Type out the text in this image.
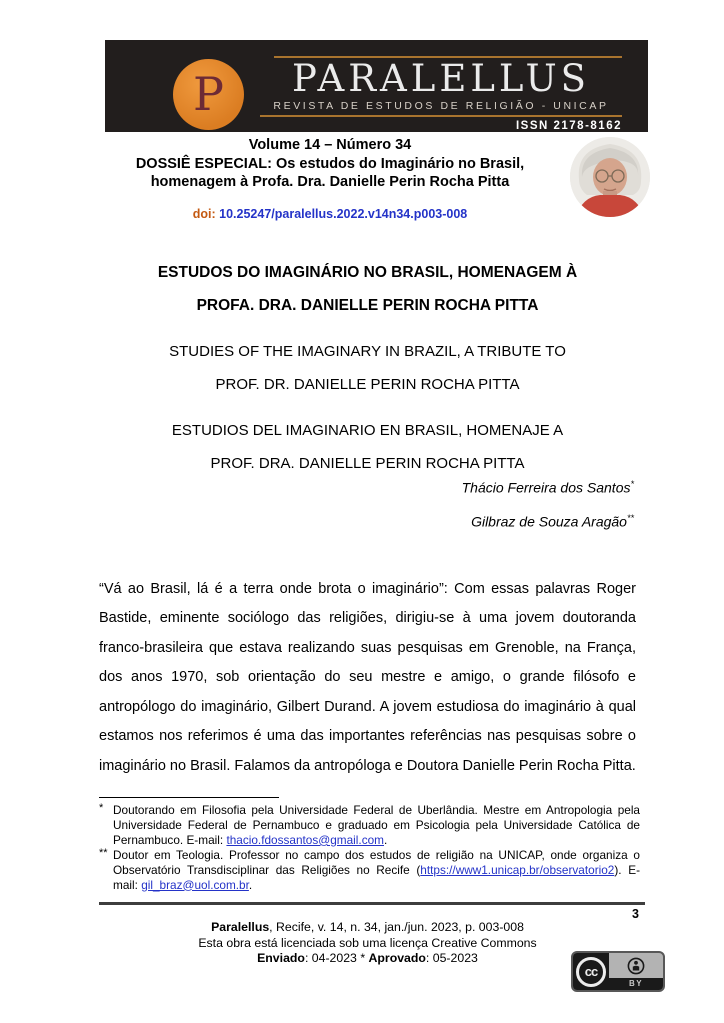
P	PARALELLUS
REVISTA DE ESTUDOS DE RELIGIÃO - UNICAP
ISSN 2178-8162
Volume 14 – Número 34
DOSSIÊ ESPECIAL: Os estudos do Imaginário no Brasil,
homenagem à Profa. Dra. Danielle Perin Rocha Pitta
doi: 10.25247/paralellus.2022.v14n34.p003-008
ESTUDOS DO IMAGINÁRIO NO BRASIL, HOMENAGEM À
PROFA. DRA. DANIELLE PERIN ROCHA PITTA
STUDIES OF THE IMAGINARY IN BRAZIL, A TRIBUTE TO
PROF. DR. DANIELLE PERIN ROCHA PITTA
ESTUDIOS DEL IMAGINARIO EN BRASIL, HOMENAJE A
PROF. DRA. DANIELLE PERIN ROCHA PITTA
Thácio Ferreira dos Santos*
Gilbraz de Souza Aragão**

“Vá ao Brasil, lá é a terra onde brota o imaginário”: Com essas palavras Roger Bastide, eminente sociólogo das religiões, dirigiu-se à uma jovem doutoranda franco-brasileira que estava realizando suas pesquisas em Grenoble, na França, dos anos 1970, sob orientação do seu mestre e amigo, o grande filósofo e antropólogo do imaginário, Gilbert Durand. A jovem estudiosa do imaginário à qual estamos nos referimos é uma das importantes referências nas pesquisas sobre o imaginário no Brasil. Falamos da antropóloga e Doutora Danielle Perin Rocha Pitta.

* Doutorando em Filosofia pela Universidade Federal de Uberlândia. Mestre em Antropologia pela Universidade Federal de Pernambuco e graduado em Psicologia pela Universidade Católica de Pernambuco. E-mail: thacio.fdossantos@gmail.com.
** Doutor em Teologia. Professor no campo dos estudos de religião na UNICAP, onde organiza o Observatório Transdisciplinar das Religiões no Recife (https://www1.unicap.br/observatorio2). E-mail: gil_braz@uol.com.br.
3
Paralellus, Recife, v. 14, n. 34, jan./jun. 2023, p. 003-008
Esta obra está licenciada sob uma licença Creative Commons
Enviado: 04-2023 * Aprovado: 05-2023
cc
BY
